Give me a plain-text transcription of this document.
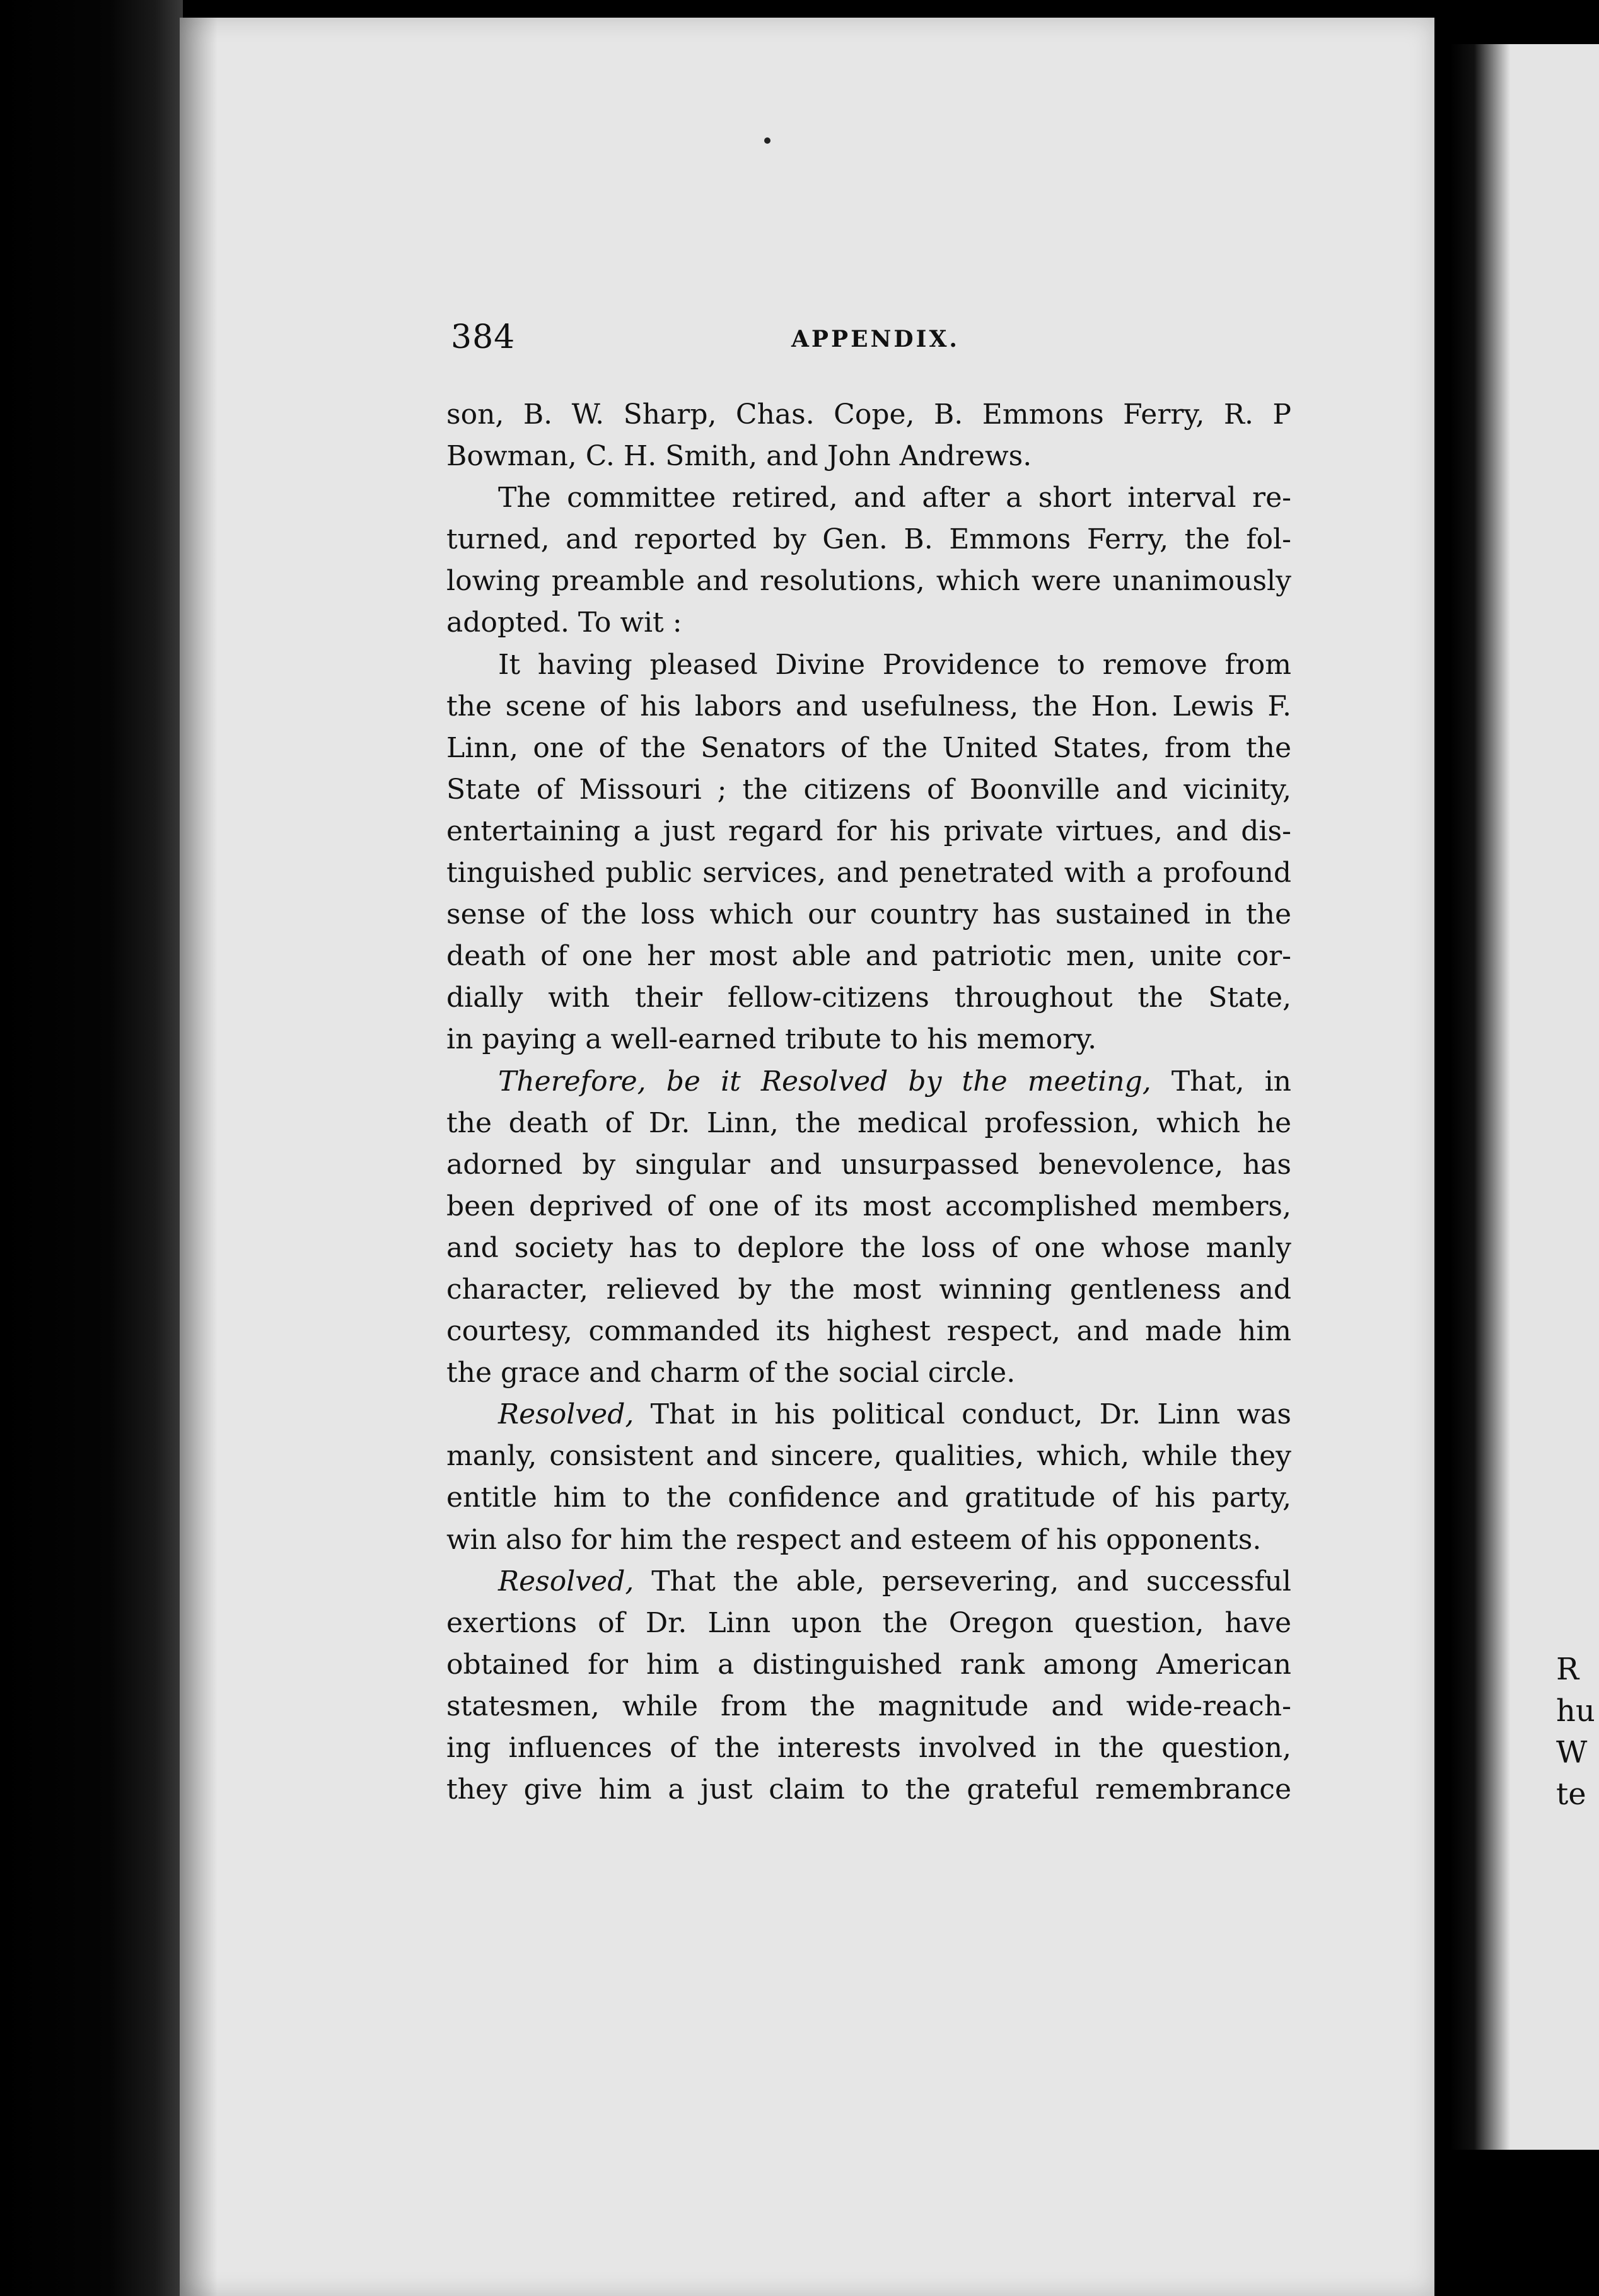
384	APPENDIX.
son, B. W. Sharp, Chas. Cope, B. Emmons Ferry, R. P
Bowman, C. H. Smith, and John Andrews.
The committee retired, and after a short interval re-
turned, and reported by Gen. B. Emmons Ferry, the fol-
lowing preamble and resolutions, which were unanimously
adopted. To wit :
It having pleased Divine Providence to remove from
the scene of his labors and usefulness, the Hon. Lewis F.
Linn, one of the Senators of the United States, from the
State of Missouri ; the citizens of Boonville and vicinity,
entertaining a just regard for his private virtues, and dis-
tinguished public services, and penetrated with a profound
sense of the loss which our country has sustained in the
death of one her most able and patriotic men, unite cor-
dially with their fellow-citizens throughout the State,
in paying a well-earned tribute to his memory.
Therefore, be it Resolved by the meeting, That, in
the death of Dr. Linn, the medical profession, which he
adorned by singular and unsurpassed benevolence, has
been deprived of one of its most accomplished members,
and society has to deplore the loss of one whose manly
character, relieved by the most winning gentleness and
courtesy, commanded its highest respect, and made him
the grace and charm of the social circle.
Resolved, That in his political conduct, Dr. Linn was
manly, consistent and sincere, qualities, which, while they
entitle him to the confidence and gratitude of his party,
win also for him the respect and esteem of his opponents.
Resolved, That the able, persevering, and successful
exertions of Dr. Linn upon the Oregon question, have
obtained for him a distinguished rank among American
statesmen, while from the magnitude and wide-reach-
ing influences of the interests involved in the question,
they give him a just claim to the grateful remembrance
R
hu
W
te
